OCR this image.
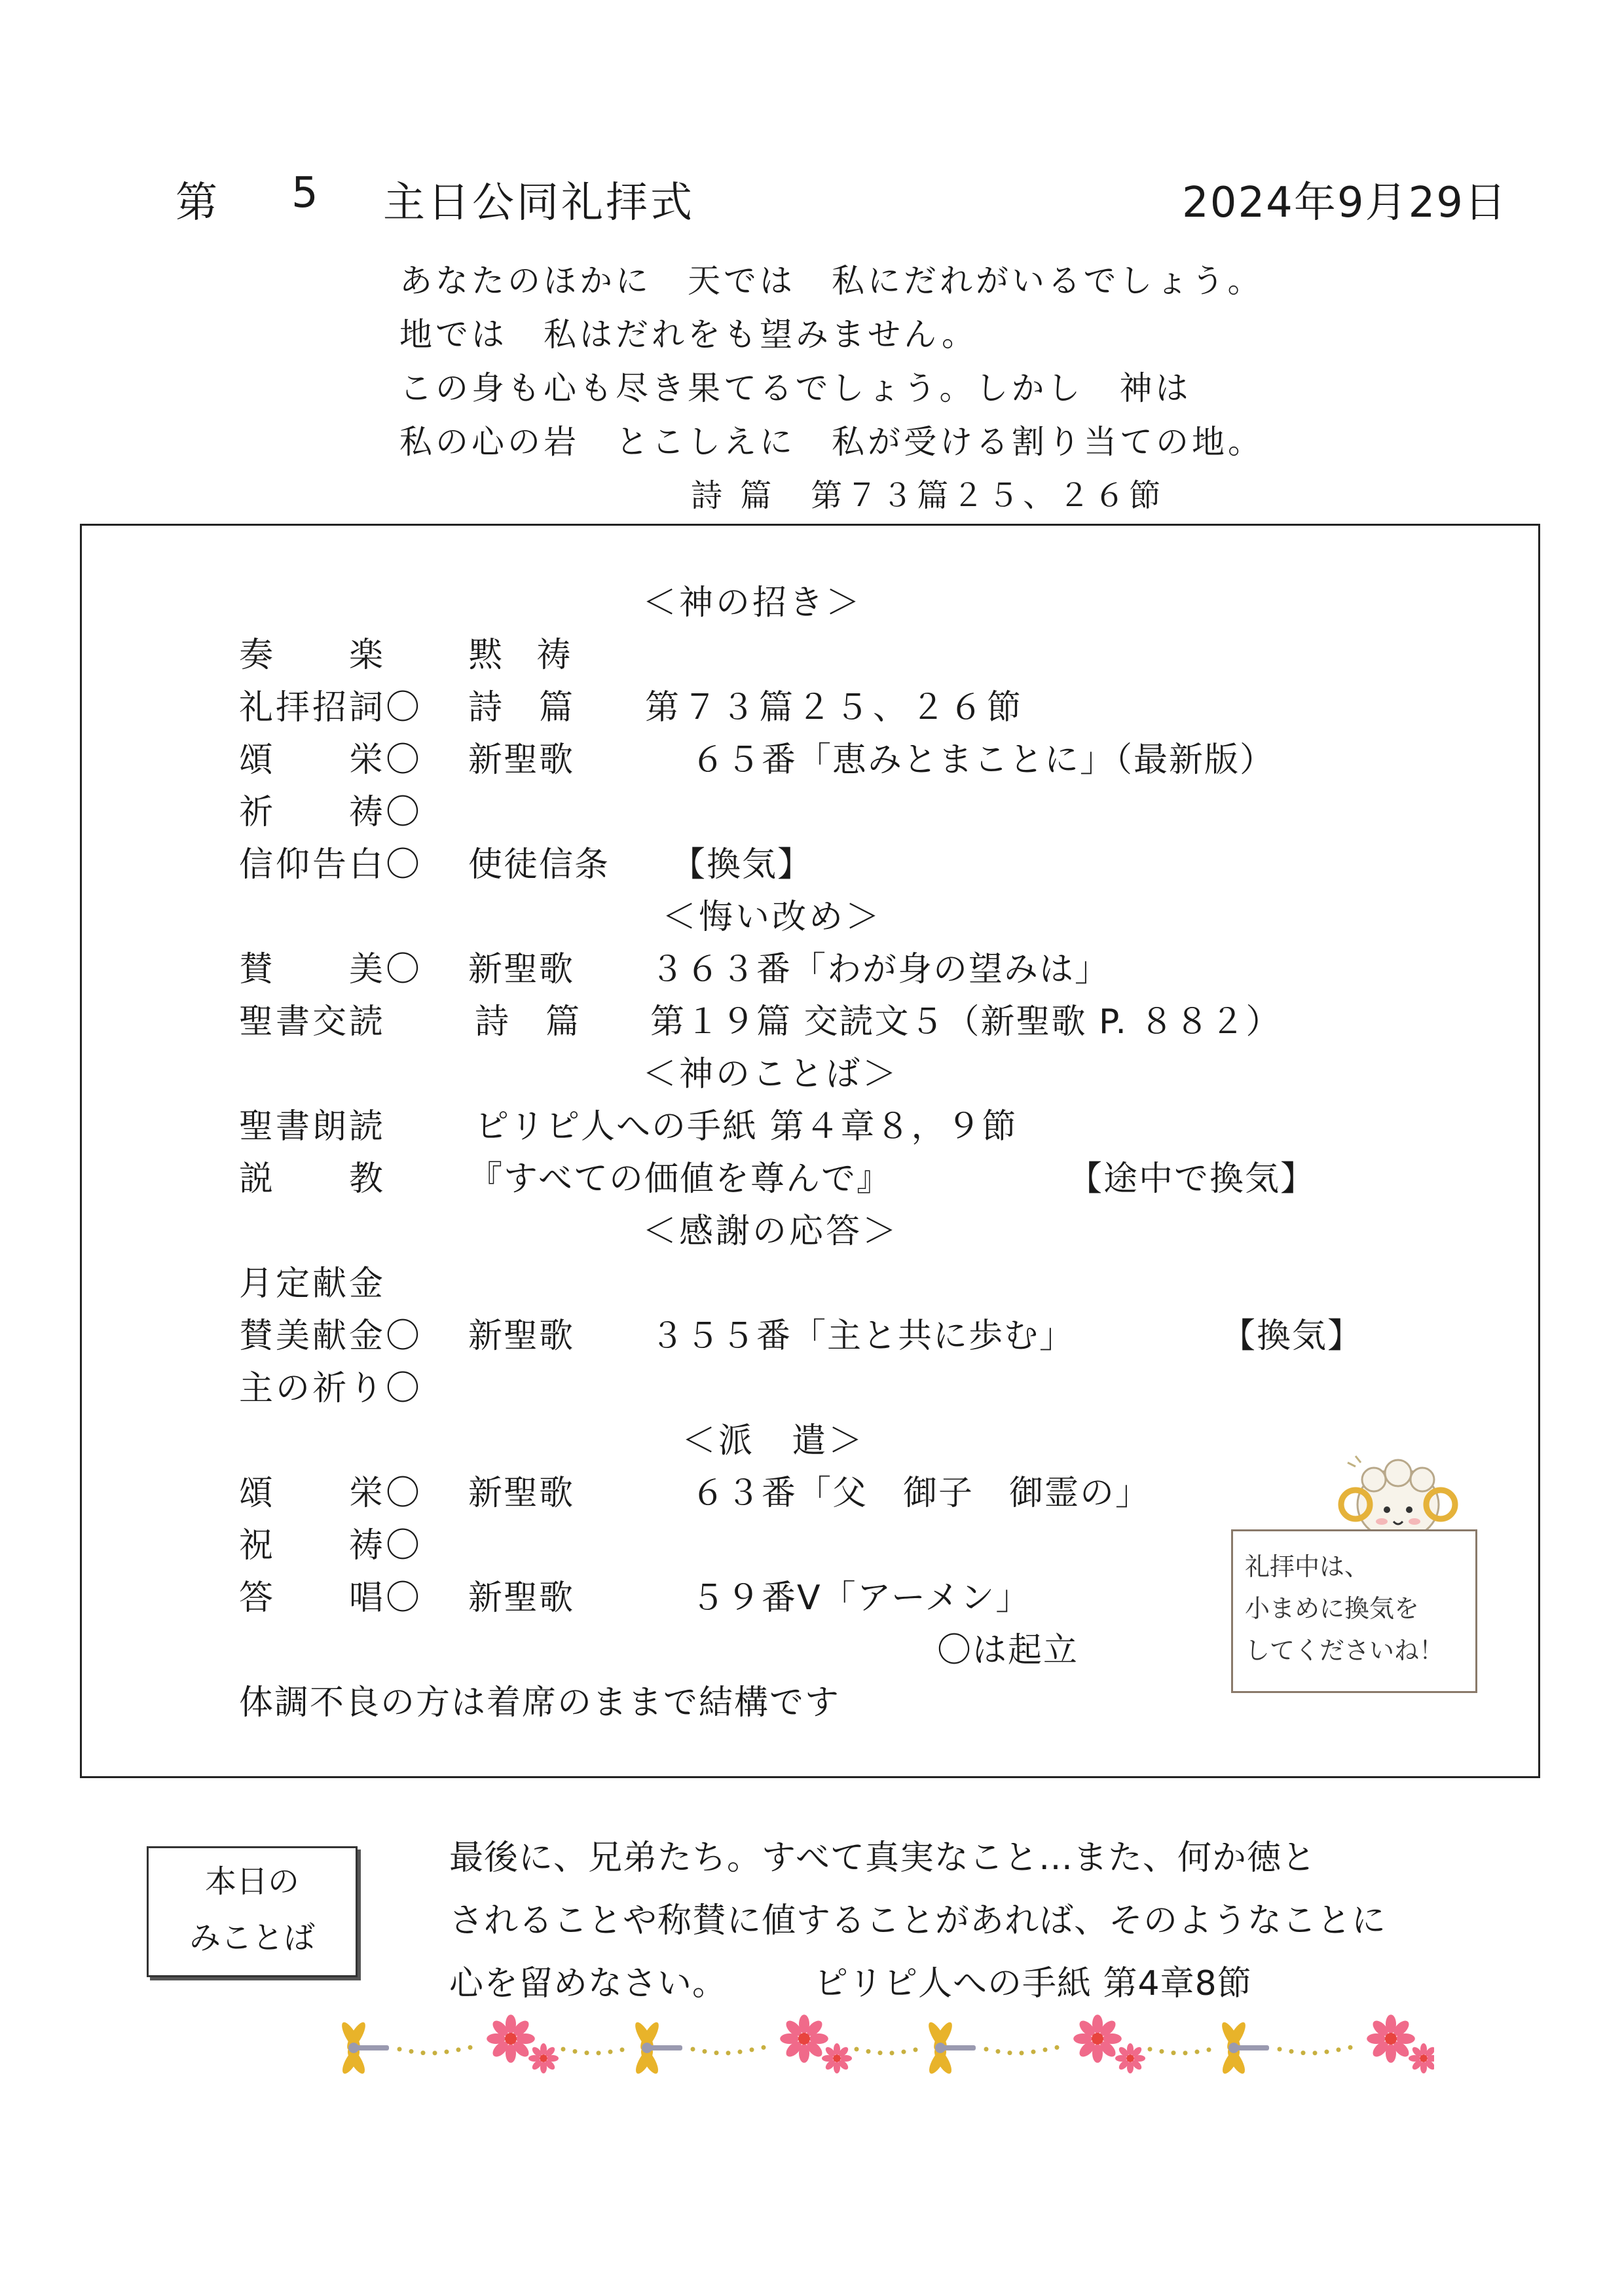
第 5 主日公同礼拝式	2024年9月29日
あなたのほかに　天では　私にだれがいるでしょう。
地では　私はだれをも望みません。
この身も心も尽き果てるでしょう。しかし　神は
私の心の岩　とこしえに　私が受ける割り当ての地。
詩 篇　第７３篇２５、２６節
＜神の招き＞
奏　　楽 黙 祷
礼拝招詞〇 詩　篇 第７３篇２５、２６節
頌　　栄〇 新聖歌	６５番「恵みとまことに」（最新版）
祈　　祷〇
信仰告白〇 使徒信条 【換気】
＜悔い改め＞
賛　　美〇 新聖歌 ３６３番「わが身の望みは」
聖書交読	詩　篇 第１９篇 交読文５（新聖歌 P. ８８２）
＜神のことば＞
聖書朗読	ピリピ人への手紙 第４章８，９節
説　　教 『すべての価値を尊んで』	【途中で換気】
＜感謝の応答＞
月定献金
賛美献金〇 新聖歌 ３５５番「主と共に歩む」	【換気】
主の祈り〇
＜派　遣＞
頌　　栄〇 新聖歌	６３番「父　御子　御霊の」
祝　　祷〇
答　　唱〇 新聖歌	５９番Ⅴ「アーメン」
〇は起立
体調不良の方は着席のままで結構です
礼拝中は、
小まめに換気を
してくださいね！
本日の
みことば
最後に、兄弟たち。すべて真実なこと…また、何か徳と
されることや称賛に値することがあれば、そのようなことに
心を留めなさい。　　　ピリピ人への手紙 第4章8節
